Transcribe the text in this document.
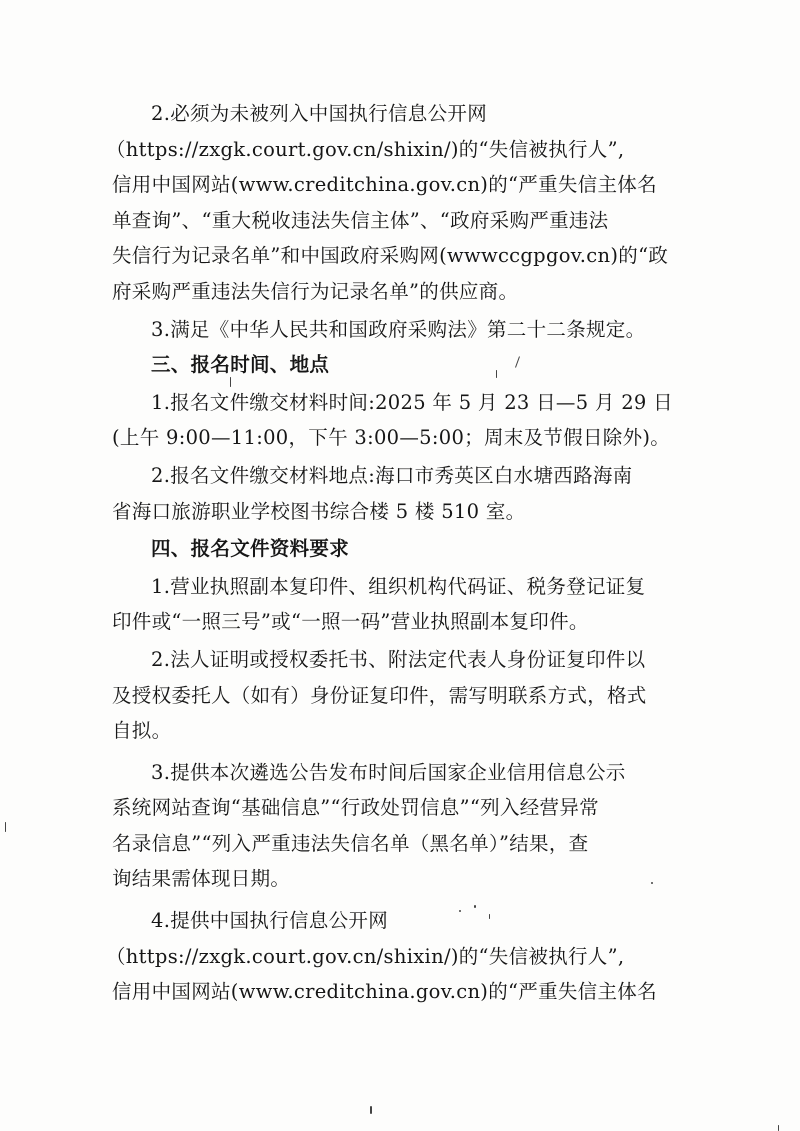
2.必须为未被列入中国执行信息公开网
（https://zxgk.court.gov.cn/shixin/)的“失信被执行人”,
信用中国网站(www.creditchina.gov.cn)的“严重失信主体名
单查询”、“重大税收违法失信主体”、“政府采购严重违法
失信行为记录名单”和中国政府采购网(wwwccgpgov.cn)的“政
府采购严重违法失信行为记录名单”的供应商。
3.满足《中华人民共和国政府采购法》第二十二条规定。
三、报名时间、地点
1.报名文件缴交材料时间:2025 年 5 月 23 日—5 月 29 日
(上午 9:00—11:00，下午 3:00—5:00；周末及节假日除外)。
2.报名文件缴交材料地点:海口市秀英区白水塘西路海南
省海口旅游职业学校图书综合楼 5 楼 510 室。
四、报名文件资料要求
1.营业执照副本复印件、组织机构代码证、税务登记证复
印件或“一照三号”或“一照一码”营业执照副本复印件。
2.法人证明或授权委托书、附法定代表人身份证复印件以
及授权委托人（如有）身份证复印件，需写明联系方式，格式
自拟。
3.提供本次遴选公告发布时间后国家企业信用信息公示
系统网站查询“基础信息”“行政处罚信息”“列入经营异常
名录信息”“列入严重违法失信名单（黑名单）”结果，查
询结果需体现日期。
4.提供中国执行信息公开网
（https://zxgk.court.gov.cn/shixin/)的“失信被执行人”,
信用中国网站(www.creditchina.gov.cn)的“严重失信主体名
